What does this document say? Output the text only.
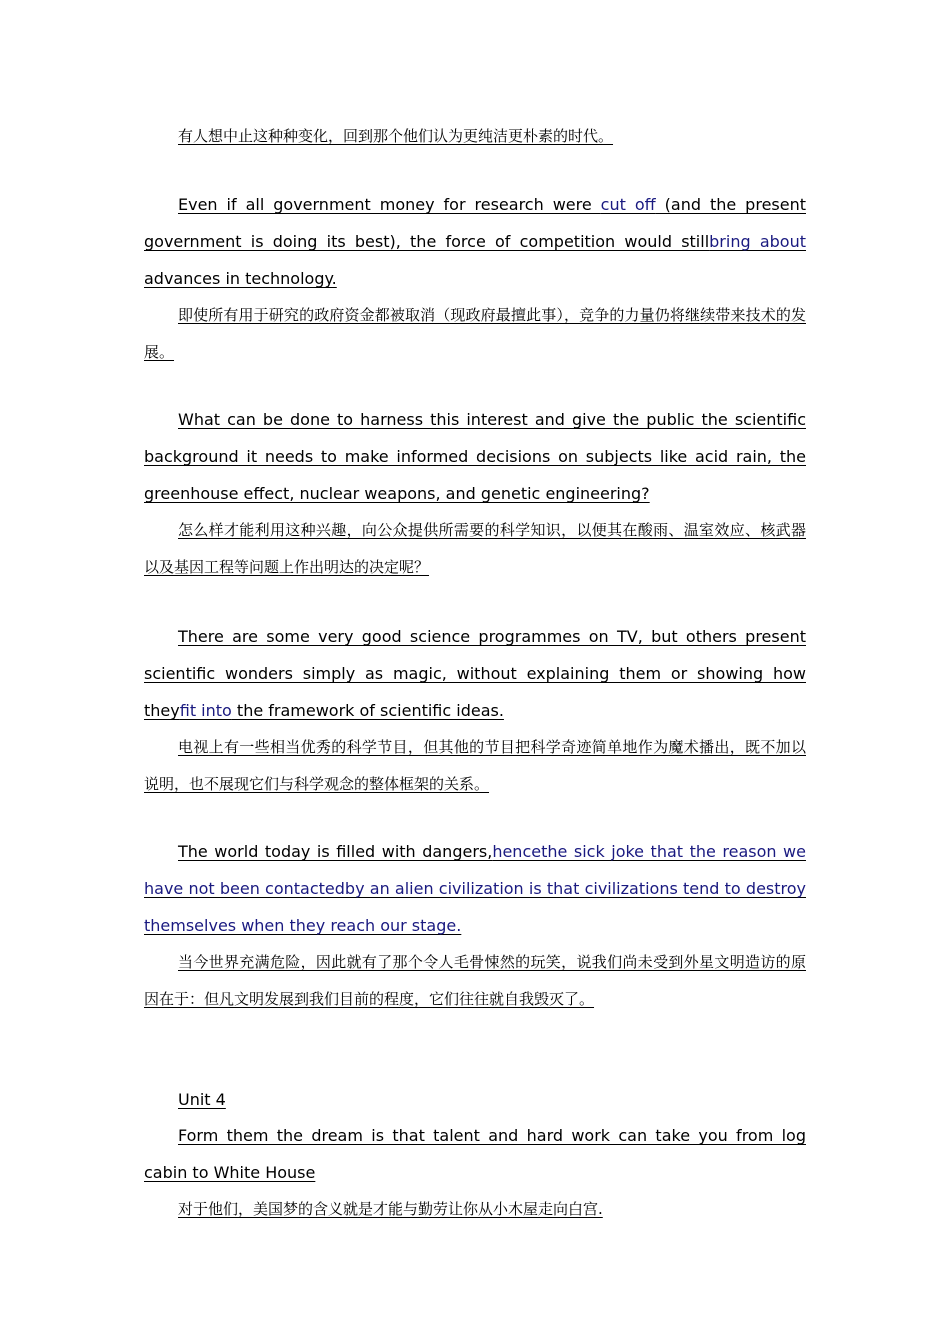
有人想中止这种种变化，回到那个他们认为更纯洁更朴素的时代。

Even if all government money for research were cut off (and the present government is doing its best), the force of competition would stillbring about advances in technology.

即使所有用于研究的政府资金都被取消（现政府最擅此事），竞争的力量仍将继续带来技术的发展。

What can be done to harness this interest and give the public the scientific background it needs to make informed decisions on subjects like acid rain, the greenhouse effect, nuclear weapons, and genetic engineering?

怎么样才能利用这种兴趣，向公众提供所需要的科学知识，以便其在酸雨、温室效应、核武器以及基因工程等问题上作出明达的决定呢？

There are some very good science programmes on TV, but others present scientific wonders simply as magic, without explaining them or showing how theyfit into the framework of scientific ideas.

电视上有一些相当优秀的科学节目，但其他的节目把科学奇迹简单地作为魔术播出，既不加以说明，也不展现它们与科学观念的整体框架的关系。

The world today is filled with dangers,hencethe sick joke that the reason we have not been contactedby an alien civilization is that civilizations tend to destroy themselves when they reach our stage.

当今世界充满危险，因此就有了那个令人毛骨悚然的玩笑，说我们尚未受到外星文明造访的原因在于：但凡文明发展到我们目前的程度，它们往往就自我毁灭了。

Unit 4

Form them the dream is that talent and hard work can take you from log cabin to White House

对于他们，美国梦的含义就是才能与勤劳让你从小木屋走向白宫.
